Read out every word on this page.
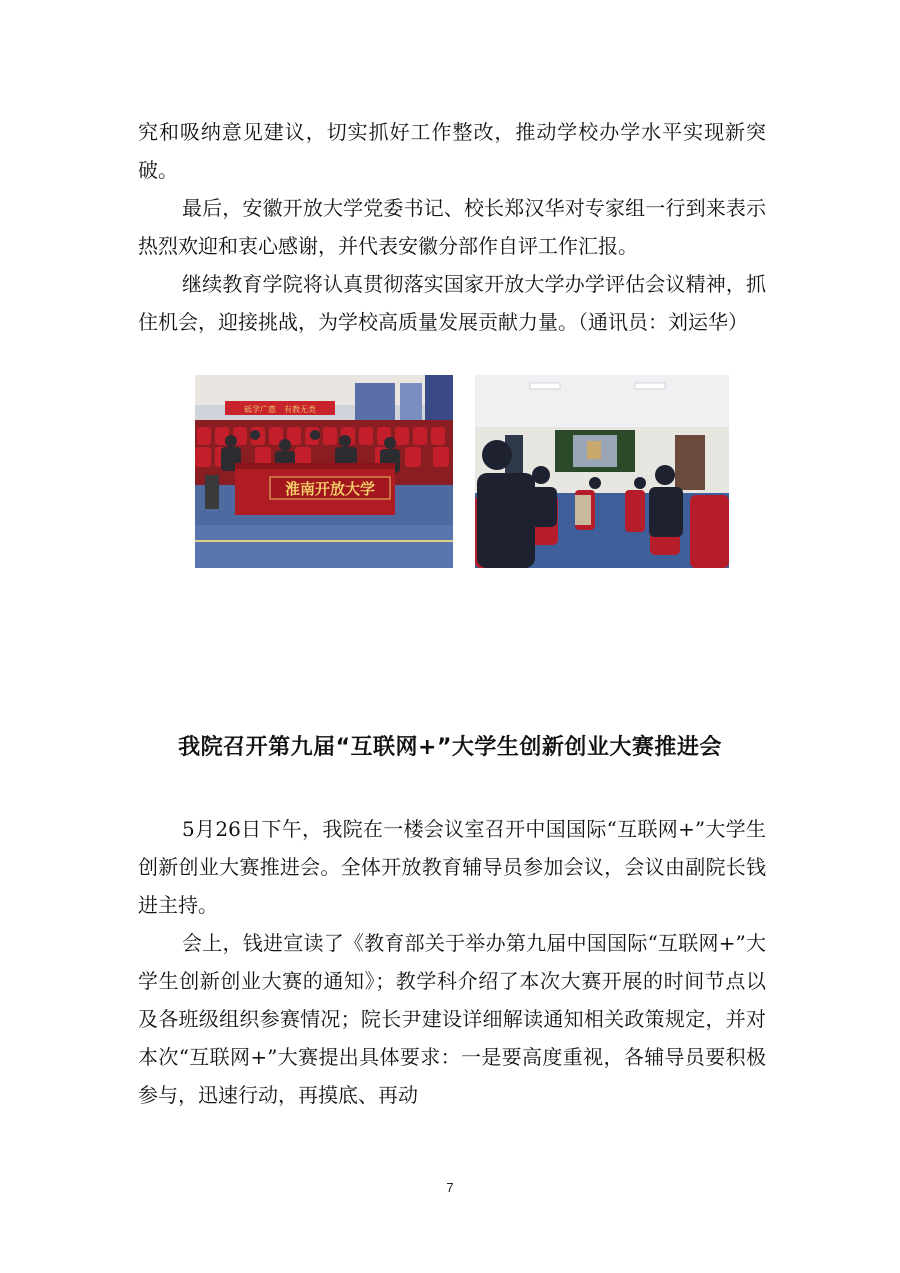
究和吸纳意见建议，切实抓好工作整改，推动学校办学水平实现新突破。

最后，安徽开放大学党委书记、校长郑汉华对专家组一行到来表示热烈欢迎和衷心感谢，并代表安徽分部作自评工作汇报。

继续教育学院将认真贯彻落实国家开放大学办学评估会议精神，抓住机会，迎接挑战，为学校高质量发展贡献力量。（通讯员：刘运华）

砥学广惠　有教无类
淮南开放大学
我院召开第九届“互联网+”大学生创新创业大赛推进会

5月26日下午，我院在一楼会议室召开中国国际“互联网+”大学生创新创业大赛推进会。全体开放教育辅导员参加会议，会议由副院长钱进主持。

会上，钱进宣读了《教育部关于举办第九届中国国际“互联网+”大学生创新创业大赛的通知》；教学科介绍了本次大赛开展的时间节点以及各班级组织参赛情况；院长尹建设详细解读通知相关政策规定，并对本次“互联网+”大赛提出具体要求：一是要高度重视，各辅导员要积极参与，迅速行动，再摸底、再动

7
